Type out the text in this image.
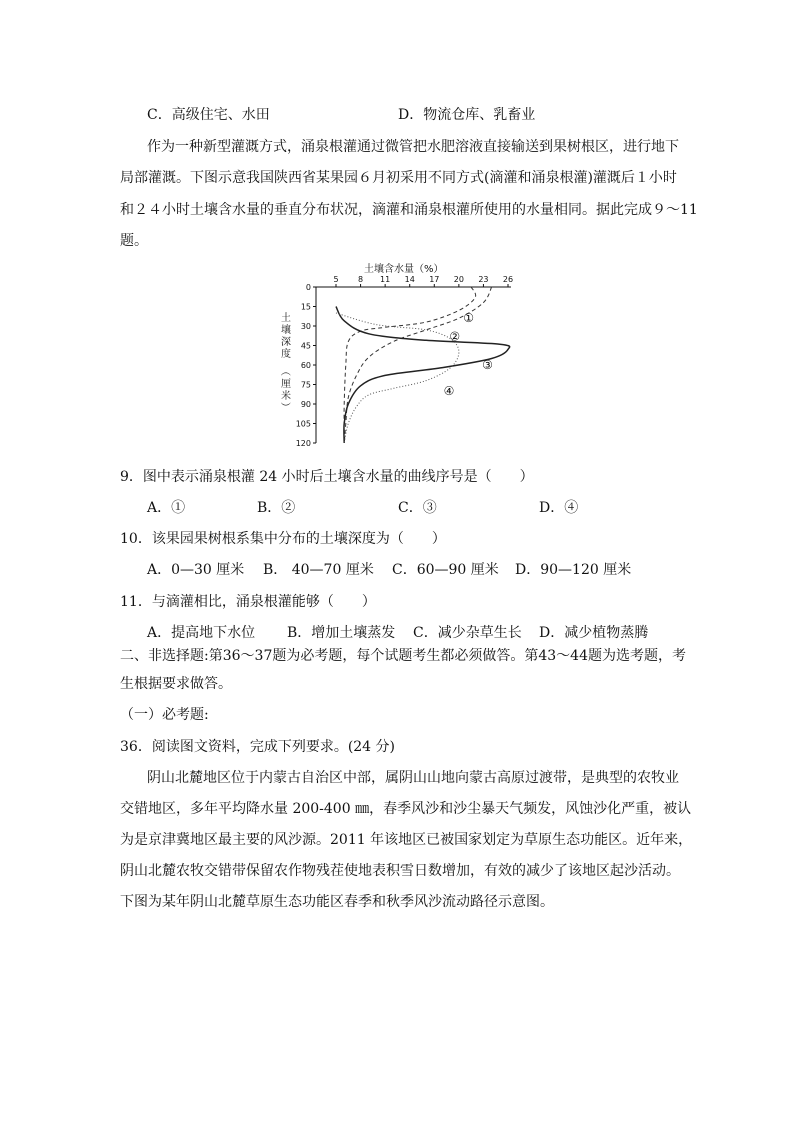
C．高级住宅、水田	D．物流仓库、乳畜业
作为一种新型灌溉方式，涌泉根灌通过微管把水肥溶液直接输送到果树根区，进行地下
局部灌溉。下图示意我国陕西省某果园６月初采用不同方式(滴灌和涌泉根灌)灌溉后１小时
和２４小时土壤含水量的垂直分布状况，滴灌和涌泉根灌所使用的水量相同。据此完成９～11
题。
土壤含水量（%）
5 8 11 14 17 20 23 26
0
15
30
45
60
75
90
105
120
土
壤
深
度
（
厘
米
）
①
②
③
④
9．图中表示涌泉根灌 24 小时后土壤含水量的曲线序号是（　　）
A．①	B．②	C．③	D．④
10．该果园果树根系集中分布的土壤深度为（　　）
A．0—30 厘米 B． 40—70 厘米 C．60—90 厘米 D．90—120 厘米
11．与滴灌相比，涌泉根灌能够（　　）
A．提高地下水位 B．增加土壤蒸发 C．减少杂草生长 D．减少植物蒸腾
二、非选择题:第36～37题为必考题，每个试题考生都必须做答。第43～44题为选考题，考
生根据要求做答。
（一）必考题:
36．阅读图文资料，完成下列要求。(24 分)
阴山北麓地区位于内蒙古自治区中部，属阴山山地向蒙古高原过渡带，是典型的农牧业
交错地区，多年平均降水量 200-400 ㎜，春季风沙和沙尘暴天气频发，风蚀沙化严重，被认
为是京津冀地区最主要的风沙源。2011 年该地区已被国家划定为草原生态功能区。近年来，
阴山北麓农牧交错带保留农作物残茬使地表积雪日数增加，有效的减少了该地区起沙活动。
下图为某年阴山北麓草原生态功能区春季和秋季风沙流动路径示意图。
